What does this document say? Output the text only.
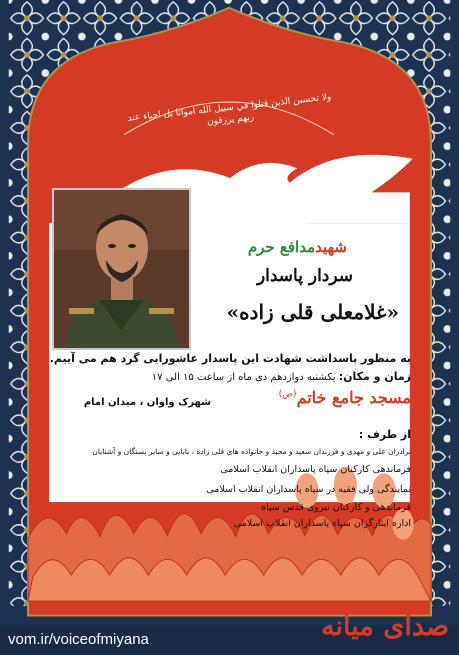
ولا تحسبن الذين قتلوا في سبيل الله امواتا بل احياء عند ربهم يرزقون
شهیدمدافع حرم
سردار پاسدار
«غلامعلی قلی زاده»
به منظور پاسداشت شهادت این پاسدار عاشورایی گرد هم می آییم.
زمان و مکان: یکشنبه دوازدهم دی ماه از ساعت ۱۵ الی ۱۷
مسجد جامع خاتم$^{(ص)}$
شهرک واوان ، میدان امام
از طرف :
برادران علی و مهدی و فرزندان سعید و مجید و خانواده های قلی زاده ، بابایی و سایر بستگان و آشنایان
فرماندهی کارکنان سپاه پاسداران انقلاب اسلامی
نمایندگی ولی فقیه در سپاه پاسداران انقلاب اسلامی
فرماندهی و کارکنان نیروی قدس سپاه
اداره ایثارگران سپاه پاسداران انقلاب اسلامی
vom.ir/voiceofmiyana	صدای میانه
